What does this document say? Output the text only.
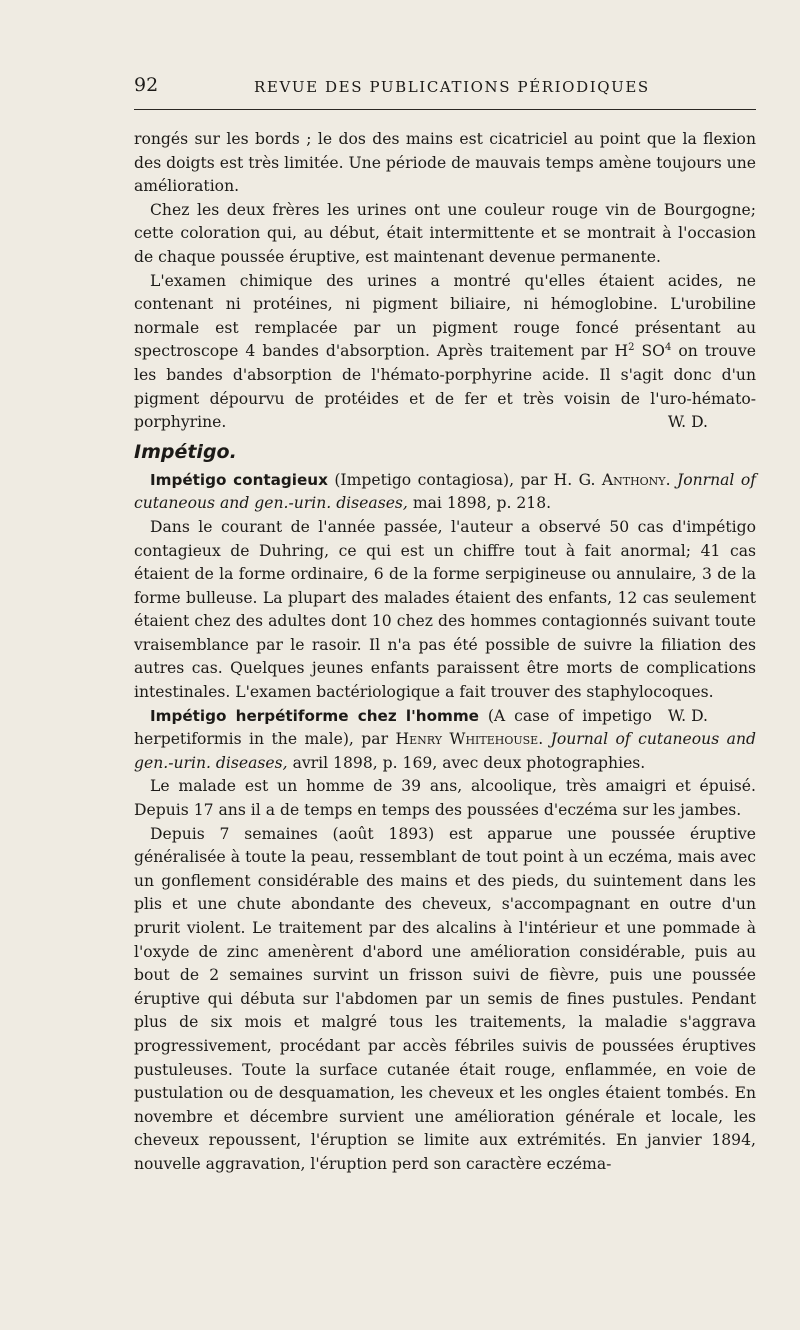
92	REVUE DES PUBLICATIONS PÉRIODIQUES

rongés sur les bords ; le dos des mains est cicatriciel au point que la flexion des doigts est très limitée. Une période de mauvais temps amène toujours une amélioration.

Chez les deux frères les urines ont une couleur rouge vin de Bourgogne; cette coloration qui, au début, était intermittente et se montrait à l'occasion de chaque poussée éruptive, est maintenant devenue permanente.

L'examen chimique des urines a montré qu'elles étaient acides, ne contenant ni protéines, ni pigment biliaire, ni hémoglobine. L'urobiline normale est remplacée par un pigment rouge foncé présentant au spectroscope 4 bandes d'absorption. Après traitement par $H^2$ $SO^4$ on trouve les bandes d'absorption de l'hémato-porphyrine acide. Il s'agit donc d'un pigment dépourvu de protéides et de fer et très voisin de l'uro-hémato-porphyrine.	W. D.

Impétigo.

Impétigo contagieux (Impetigo contagiosa), par H. G. Anthony. Jonrnal of cutaneous and gen.-urin. diseases, mai 1898, p. 218.

Dans le courant de l'année passée, l'auteur a observé 50 cas d'impétigo contagieux de Duhring, ce qui est un chiffre tout à fait anormal; 41 cas étaient de la forme ordinaire, 6 de la forme serpigineuse ou annulaire, 3 de la forme bulleuse. La plupart des malades étaient des enfants, 12 cas seulement étaient chez des adultes dont 10 chez des hommes contagionnés suivant toute vraisemblance par le rasoir. Il n'a pas été possible de suivre la filiation des autres cas. Quelques jeunes enfants paraissent être morts de complications intestinales. L'examen bactériologique a fait trouver des staphylocoques.
W. D.

Impétigo herpétiforme chez l'homme (A case of impetigo herpetiformis in the male), par Henry Whitehouse. Journal of cutaneous and gen.-urin. diseases, avril 1898, p. 169, avec deux photographies.

Le malade est un homme de 39 ans, alcoolique, très amaigri et épuisé. Depuis 17 ans il a de temps en temps des poussées d'eczéma sur les jambes.

Depuis 7 semaines (août 1893) est apparue une poussée éruptive généralisée à toute la peau, ressemblant de tout point à un eczéma, mais avec un gonflement considérable des mains et des pieds, du suintement dans les plis et une chute abondante des cheveux, s'accompagnant en outre d'un prurit violent. Le traitement par des alcalins à l'intérieur et une pommade à l'oxyde de zinc amenèrent d'abord une amélioration considérable, puis au bout de 2 semaines survint un frisson suivi de fièvre, puis une poussée éruptive qui débuta sur l'abdomen par un semis de fines pustules. Pendant plus de six mois et malgré tous les traitements, la maladie s'aggrava progressivement, procédant par accès fébriles suivis de poussées éruptives pustuleuses. Toute la surface cutanée était rouge, enflammée, en voie de pustulation ou de desquamation, les cheveux et les ongles étaient tombés. En novembre et décembre survient une amélioration générale et locale, les cheveux repoussent, l'éruption se limite aux extrémités. En janvier 1894, nouvelle aggravation, l'éruption perd son caractère eczéma-
